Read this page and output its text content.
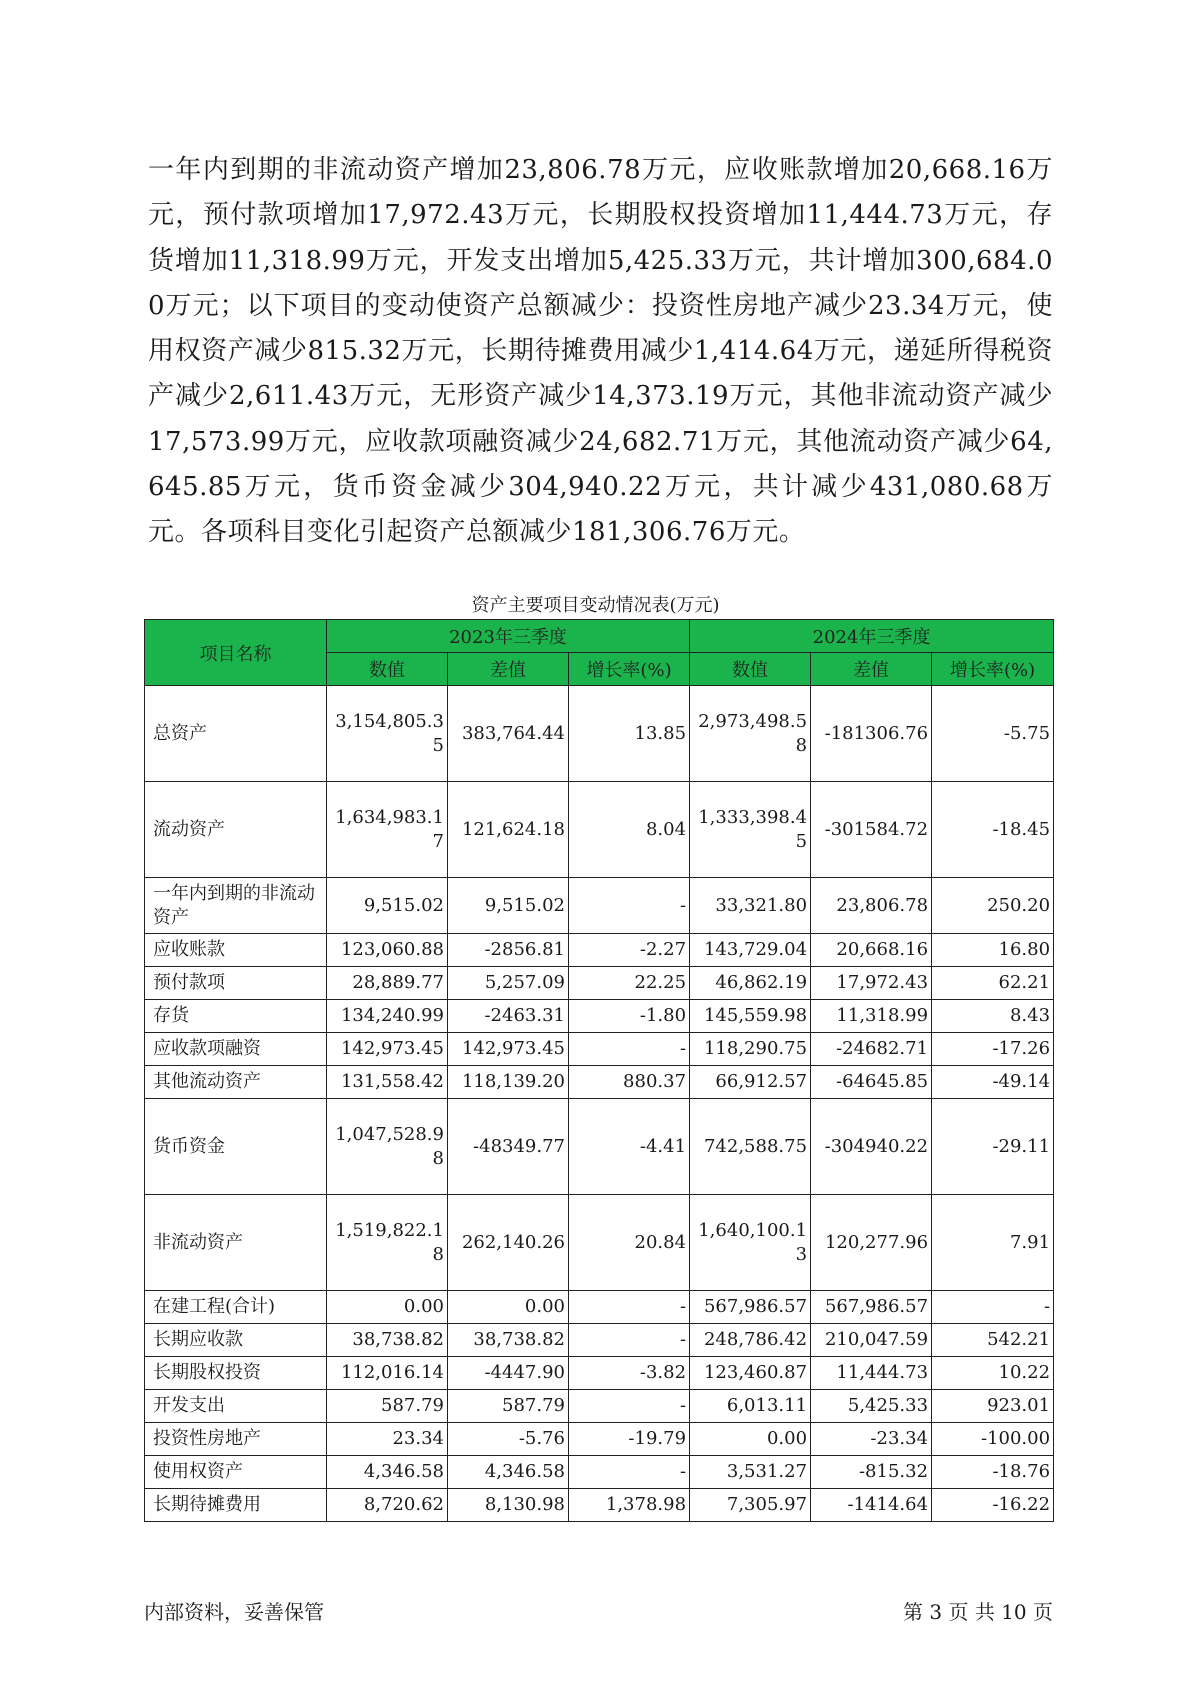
一年内到期的非流动资产增加23,806.78万元，应收账款增加20,668.16万元，预付款项增加17,972.43万元，长期股权投资增加11,444.73万元，存货增加11,318.99万元，开发支出增加5,425.33万元，共计增加300,684.00万元；以下项目的变动使资产总额减少：投资性房地产减少23.34万元，使用权资产减少815.32万元，长期待摊费用减少1,414.64万元，递延所得税资产减少2,611.43万元，无形资产减少14,373.19万元，其他非流动资产减少17,573.99万元，应收款项融资减少24,682.71万元，其他流动资产减少64,645.85万元，货币资金减少304,940.22万元，共计减少431,080.68万元。各项科目变化引起资产总额减少181,306.76万元。
资产主要项目变动情况表(万元)
项目名称	2023年三季度			2024年三季度		
	数值	差值	增长率(%)	数值	差值	增长率(%)
总资产	3,154,805.35	383,764.44	13.85	2,973,498.58	-181306.76	-5.75
流动资产	1,634,983.17	121,624.18	8.04	1,333,398.45	-301584.72	-18.45
一年内到期的非流动资产	9,515.02	9,515.02	-	33,321.80	23,806.78	250.20
应收账款	123,060.88	-2856.81	-2.27	143,729.04	20,668.16	16.80
预付款项	28,889.77	5,257.09	22.25	46,862.19	17,972.43	62.21
存货	134,240.99	-2463.31	-1.80	145,559.98	11,318.99	8.43
应收款项融资	142,973.45	142,973.45	-	118,290.75	-24682.71	-17.26
其他流动资产	131,558.42	118,139.20	880.37	66,912.57	-64645.85	-49.14
货币资金	1,047,528.98	-48349.77	-4.41	742,588.75	-304940.22	-29.11
非流动资产	1,519,822.18	262,140.26	20.84	1,640,100.13	120,277.96	7.91
在建工程(合计)	0.00	0.00	-	567,986.57	567,986.57	-
长期应收款	38,738.82	38,738.82	-	248,786.42	210,047.59	542.21
长期股权投资	112,016.14	-4447.90	-3.82	123,460.87	11,444.73	10.22
开发支出	587.79	587.79	-	6,013.11	5,425.33	923.01
投资性房地产	23.34	-5.76	-19.79	0.00	-23.34	-100.00
使用权资产	4,346.58	4,346.58	-	3,531.27	-815.32	-18.76
长期待摊费用	8,720.62	8,130.98	1,378.98	7,305.97	-1414.64	-16.22
内部资料，妥善保管	第 3 页 共 10 页
